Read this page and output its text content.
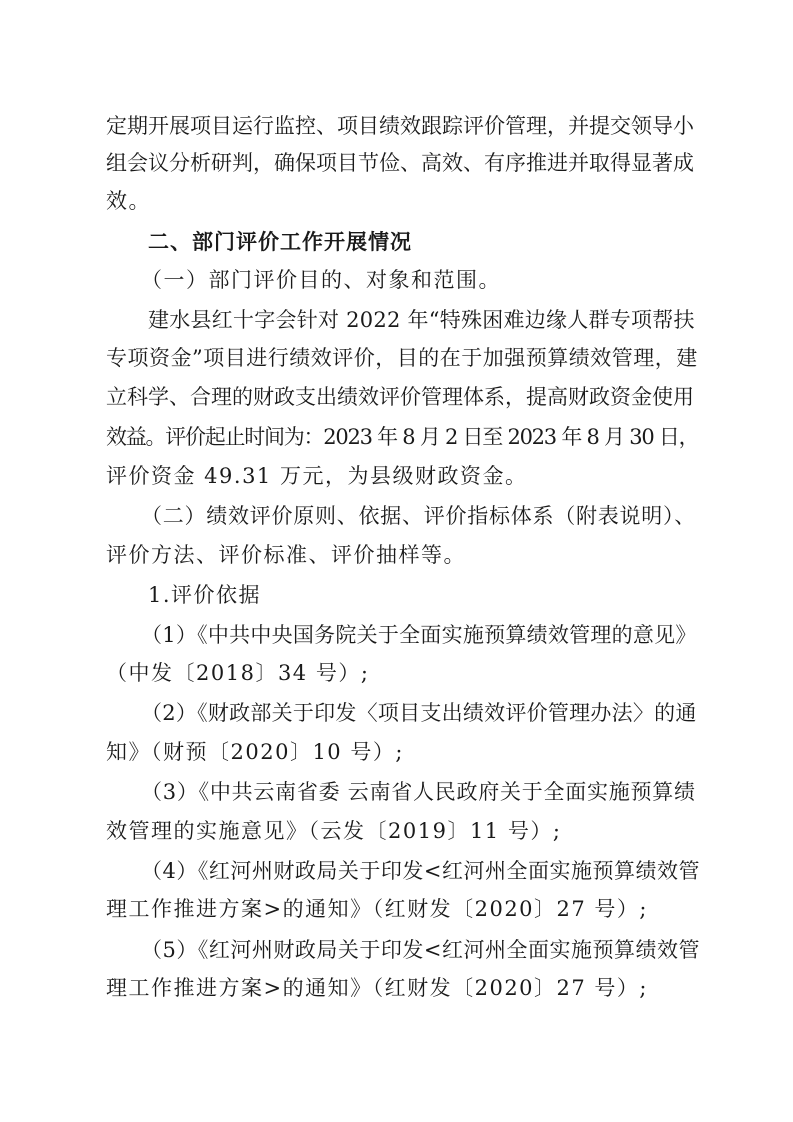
定期开展项目运行监控、项目绩效跟踪评价管理，并提交领导小
组会议分析研判，确保项目节俭、高效、有序推进并取得显著成
效。
二、部门评价工作开展情况
（一）部门评价目的、对象和范围。
建水县红十字会针对 2022 年“特殊困难边缘人群专项帮扶
专项资金”项目进行绩效评价，目的在于加强预算绩效管理，建
立科学、合理的财政支出绩效评价管理体系，提高财政资金使用
效益。评价起止时间为：2023 年 8 月 2 日至 2023 年 8 月 30 日，
评价资金 49.31 万元，为县级财政资金。
（二）绩效评价原则、依据、评价指标体系（附表说明）、
评价方法、评价标准、评价抽样等。
1.评价依据
（1）《中共中央国务院关于全面实施预算绩效管理的意见》
（中发〔2018〕34 号）;
（2）《财政部关于印发〈项目支出绩效评价管理办法〉的通
知》（财预〔2020〕10 号）;
（3）《中共云南省委 云南省人民政府关于全面实施预算绩
效管理的实施意见》（云发〔2019〕11 号）;
（4）《红河州财政局关于印发<红河州全面实施预算绩效管
理工作推进方案>的通知》（红财发〔2020〕27 号）;
（5）《红河州财政局关于印发<红河州全面实施预算绩效管
理工作推进方案>的通知》（红财发〔2020〕27 号）;
